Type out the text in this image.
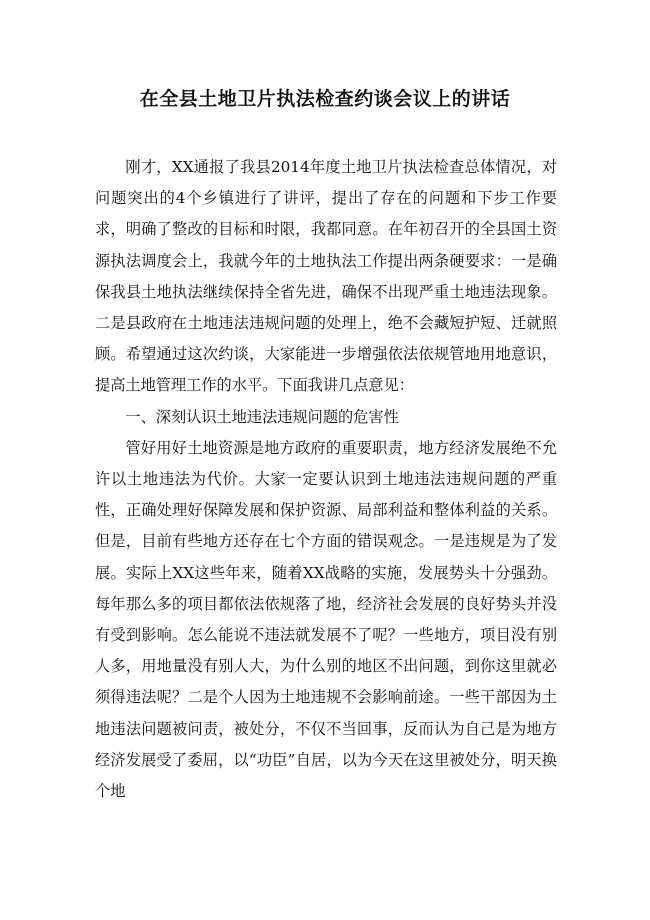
在全县土地卫片执法检查约谈会议上的讲话

刚才，XX通报了我县2014年度土地卫片执法检查总体情况，对问题突出的4个乡镇进行了讲评，提出了存在的问题和下步工作要求，明确了整改的目标和时限，我都同意。在年初召开的全县国土资源执法调度会上，我就今年的土地执法工作提出两条硬要求：一是确保我县土地执法继续保持全省先进，确保不出现严重土地违法现象。二是县政府在土地违法违规问题的处理上，绝不会藏短护短、迁就照顾。希望通过这次约谈，大家能进一步增强依法依规管地用地意识，提高土地管理工作的水平。下面我讲几点意见：

一、深刻认识土地违法违规问题的危害性

管好用好土地资源是地方政府的重要职责，地方经济发展绝不允许以土地违法为代价。大家一定要认识到土地违法违规问题的严重性，正确处理好保障发展和保护资源、局部利益和整体利益的关系。但是，目前有些地方还存在七个方面的错误观念。一是违规是为了发展。实际上XX这些年来，随着XX战略的实施，发展势头十分强劲。每年那么多的项目都依法依规落了地，经济社会发展的良好势头并没有受到影响。怎么能说不违法就发展不了呢？一些地方，项目没有别人多，用地量没有别人大，为什么别的地区不出问题，到你这里就必须得违法呢？二是个人因为土地违规不会影响前途。一些干部因为土地违法问题被问责，被处分，不仅不当回事，反而认为自己是为地方经济发展受了委屈，以“功臣”自居，以为今天在这里被处分，明天换个地
